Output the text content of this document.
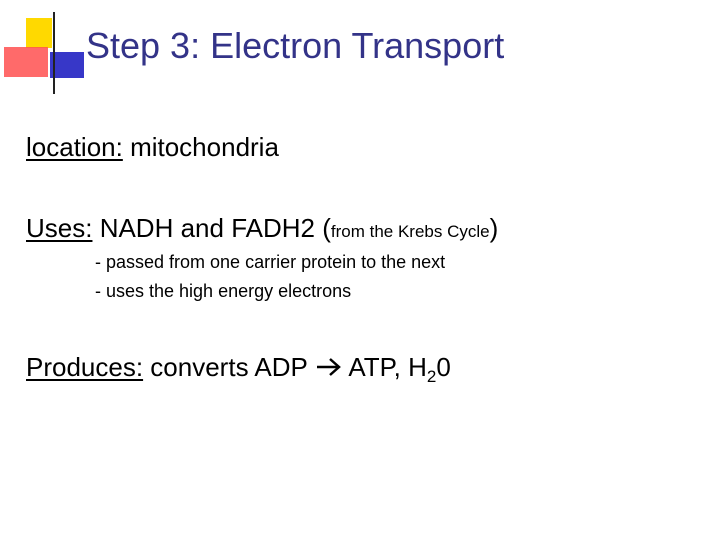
Step 3: Electron Transport
location: mitochondria
Uses: NADH and FADH2 (from the Krebs Cycle)
- passed from one carrier protein to the next
- uses the high energy electrons
Produces: converts ADP  ATP, $H_20$
